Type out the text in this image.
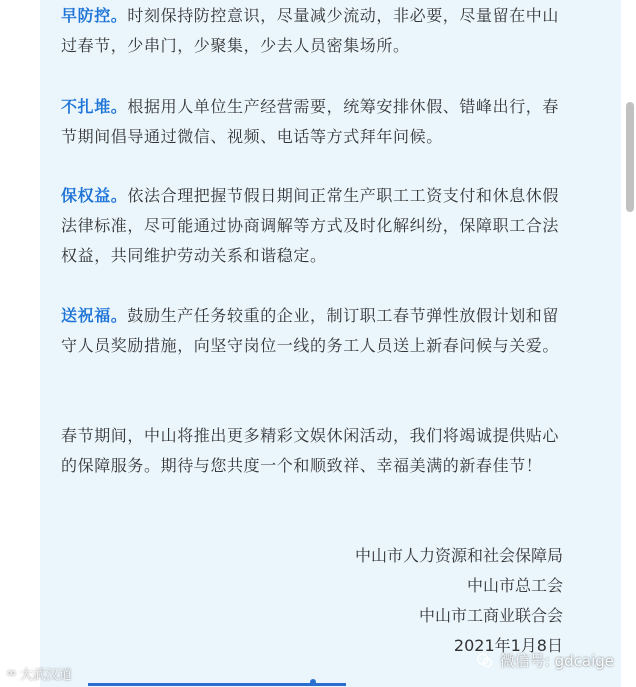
早防控。时刻保持防控意识，尽量减少流动，非必要，尽量留在中山过春节，少串门，少聚集，少去人员密集场所。

不扎堆。根据用人单位生产经营需要，统筹安排休假、错峰出行，春节期间倡导通过微信、视频、电话等方式拜年问候。

保权益。依法合理把握节假日期间正常生产职工工资支付和休息休假法律标准，尽可能通过协商调解等方式及时化解纠纷，保障职工合法权益，共同维护劳动关系和谐稳定。

送祝福。鼓励生产任务较重的企业，制订职工春节弹性放假计划和留守人员奖励措施，向坚守岗位一线的务工人员送上新春问候与关爱。

春节期间，中山将推出更多精彩文娱休闲活动，我们将竭诚提供贴心的保障服务。期待与您共度一个和顺致祥、幸福美满的新春佳节！

中山市人力资源和社会保障局
中山市总工会
中山市工商业联合会
2021年1月8日
∞ 大武汉道
微信号: gdcaige
